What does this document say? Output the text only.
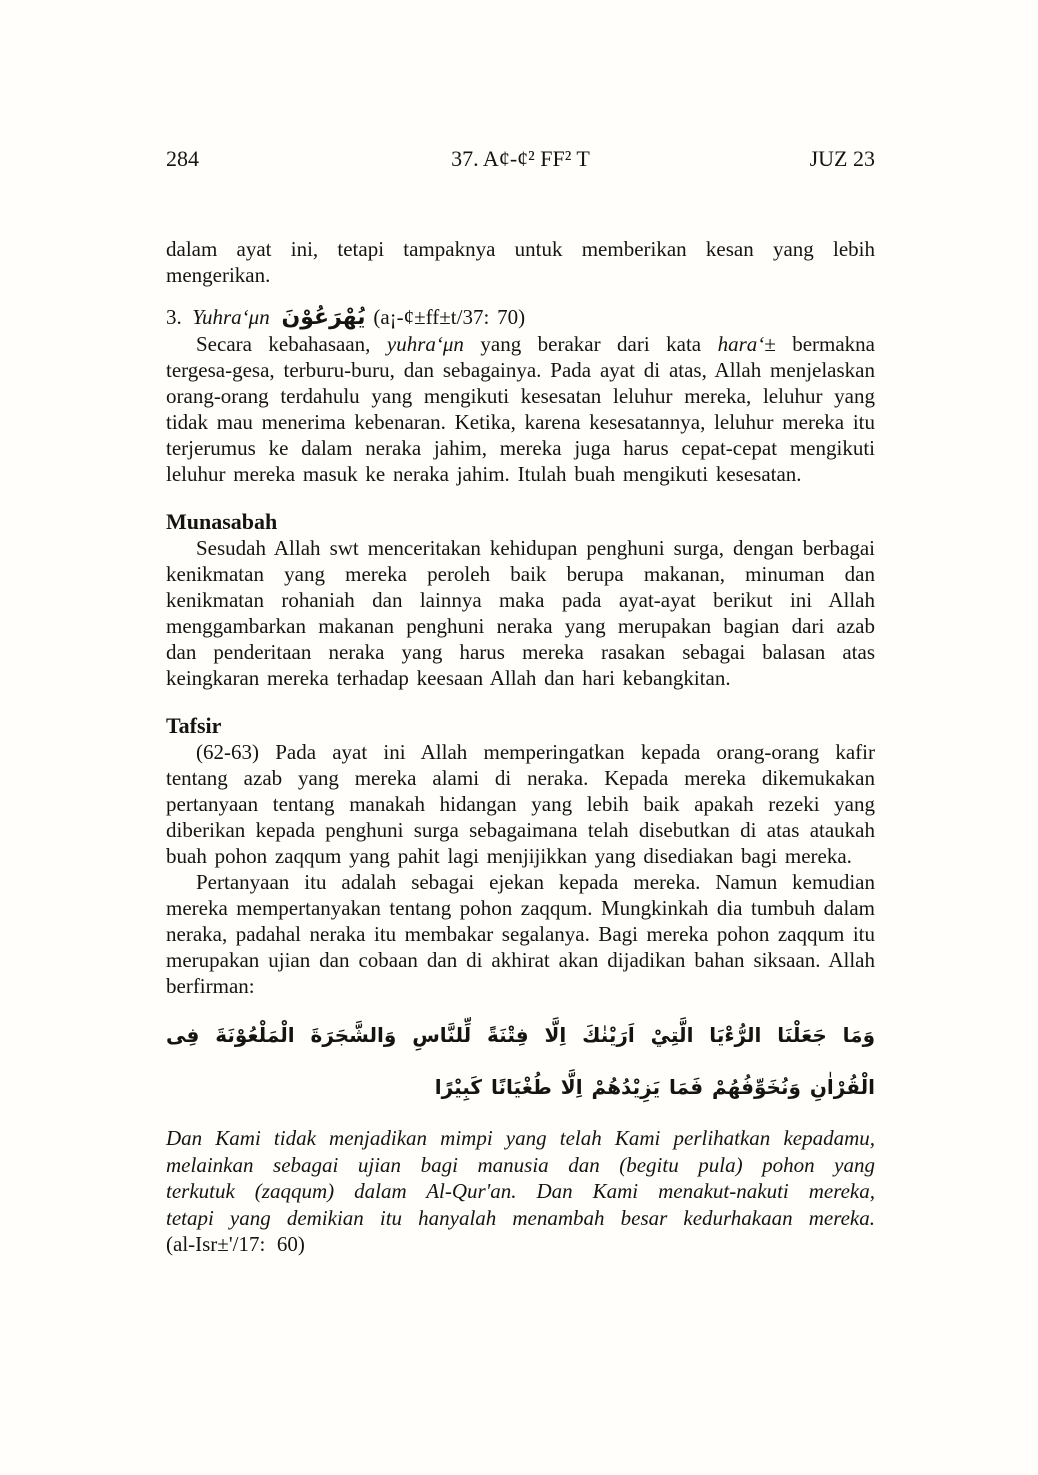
284	37. A¢-¢² FF² T	JUZ 23

dalam ayat ini, tetapi tampaknya untuk memberikan kesan yang lebih mengerikan.

3. Yuhra‘μn يُهْرَعُوْنَ (a¡-¢±ff±t/37: 70)

Secara kebahasaan, yuhra‘μn yang berakar dari kata hara‘± bermakna tergesa-gesa, terburu-buru, dan sebagainya. Pada ayat di atas, Allah menjelaskan orang-orang terdahulu yang mengikuti kesesatan leluhur mereka, leluhur yang tidak mau menerima kebenaran. Ketika, karena kesesatannya, leluhur mereka itu terjerumus ke dalam neraka jahim, mereka juga harus cepat-cepat mengikuti leluhur mereka masuk ke neraka jahim. Itulah buah mengikuti kesesatan.

Munasabah

Sesudah Allah swt menceritakan kehidupan penghuni surga, dengan berbagai kenikmatan yang mereka peroleh baik berupa makanan, minuman dan kenikmatan rohaniah dan lainnya maka pada ayat-ayat berikut ini Allah menggambarkan makanan penghuni neraka yang merupakan bagian dari azab dan penderitaan neraka yang harus mereka rasakan sebagai balasan atas keingkaran mereka terhadap keesaan Allah dan hari kebangkitan.

Tafsir

(62-63) Pada ayat ini Allah memperingatkan kepada orang-orang kafir tentang azab yang mereka alami di neraka. Kepada mereka dikemukakan pertanyaan tentang manakah hidangan yang lebih baik apakah rezeki yang diberikan kepada penghuni surga sebagaimana telah disebutkan di atas ataukah buah pohon zaqqum yang pahit lagi menjijikkan yang disediakan bagi mereka.

Pertanyaan itu adalah sebagai ejekan kepada mereka. Namun kemudian mereka mempertanyakan tentang pohon zaqqum. Mungkinkah dia tumbuh dalam neraka, padahal neraka itu membakar segalanya. Bagi mereka pohon zaqqum itu merupakan ujian dan cobaan dan di akhirat akan dijadikan bahan siksaan. Allah berfirman:

وَمَا جَعَلْنَا الرُّءْيَا الَّتِيْ اَرَيْنٰكَ اِلَّا فِتْنَةً لِّلنَّاسِ وَالشَّجَرَةَ الْمَلْعُوْنَةَ فِى الْقُرْاٰنِ وَنُخَوِّفُهُمْ فَمَا يَزِيْدُهُمْ اِلَّا طُغْيَانًا كَبِيْرًا

Dan Kami tidak menjadikan mimpi yang telah Kami perlihatkan kepadamu, melainkan sebagai ujian bagi manusia dan (begitu pula) pohon yang terkutuk (zaqqum) dalam Al-Qur'an. Dan Kami menakut-nakuti mereka, tetapi yang demikian itu hanyalah menambah besar kedurhakaan mereka. (al-Isr±'/17: 60)
